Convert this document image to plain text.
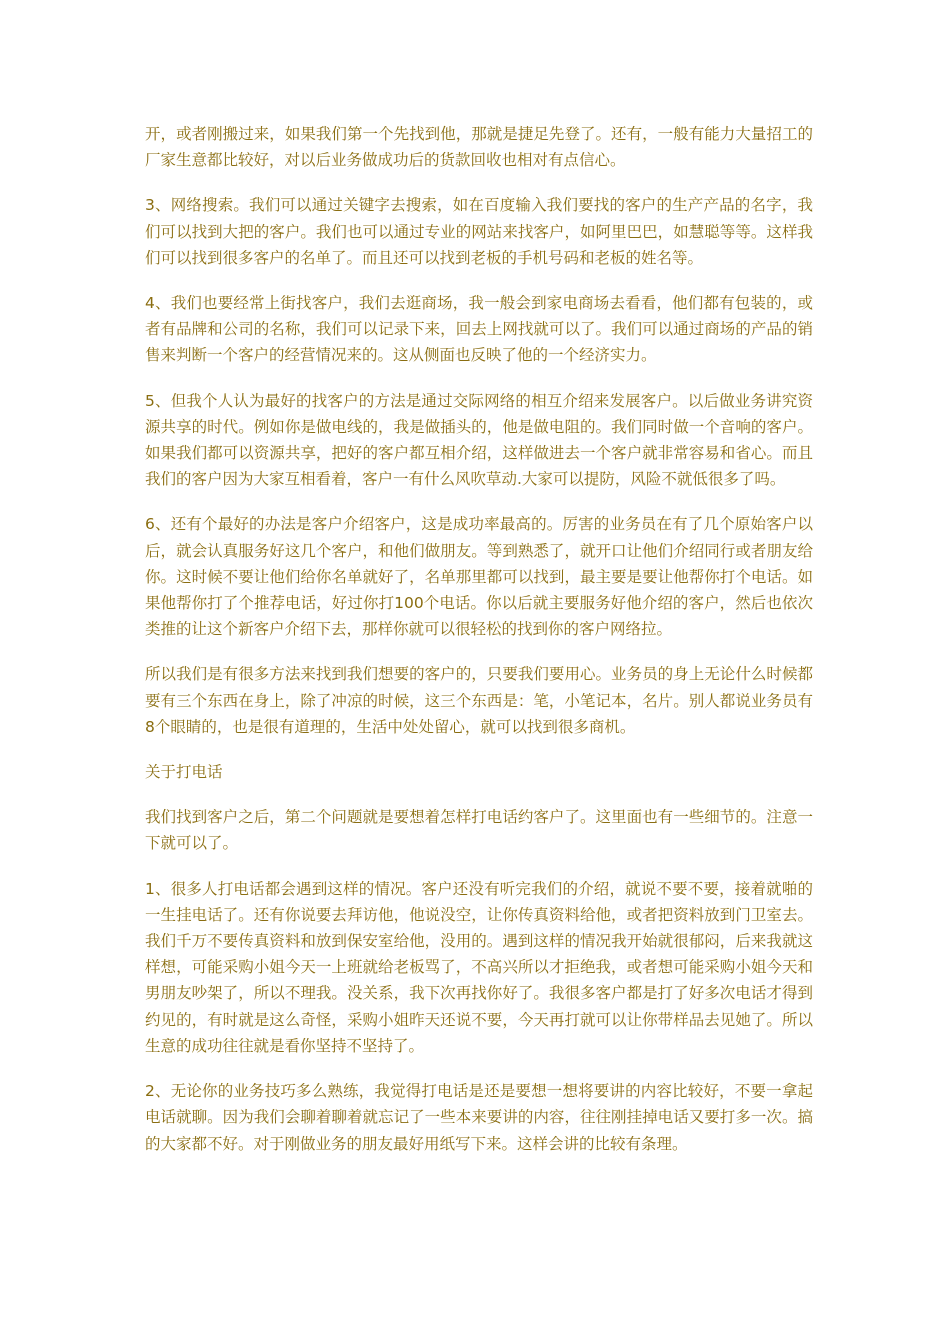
开，或者刚搬过来，如果我们第一个先找到他，那就是捷足先登了。还有，一般有能力大量招工的厂家生意都比较好，对以后业务做成功后的货款回收也相对有点信心。

3、网络搜索。我们可以通过关键字去搜索，如在百度输入我们要找的客户的生产产品的名字，我们可以找到大把的客户。我们也可以通过专业的网站来找客户，如阿里巴巴，如慧聪等等。这样我们可以找到很多客户的名单了。而且还可以找到老板的手机号码和老板的姓名等。

4、我们也要经常上街找客户，我们去逛商场，我一般会到家电商场去看看，他们都有包装的，或者有品牌和公司的名称，我们可以记录下来，回去上网找就可以了。我们可以通过商场的产品的销售来判断一个客户的经营情况来的。这从侧面也反映了他的一个经济实力。

5、但我个人认为最好的找客户的方法是通过交际网络的相互介绍来发展客户。以后做业务讲究资源共享的时代。例如你是做电线的，我是做插头的，他是做电阻的。我们同时做一个音响的客户。如果我们都可以资源共享，把好的客户都互相介绍，这样做进去一个客户就非常容易和省心。而且我们的客户因为大家互相看着，客户一有什么风吹草动.大家可以提防，风险不就低很多了吗。

6、还有个最好的办法是客户介绍客户，这是成功率最高的。厉害的业务员在有了几个原始客户以后，就会认真服务好这几个客户，和他们做朋友。等到熟悉了，就开口让他们介绍同行或者朋友给你。这时候不要让他们给你名单就好了，名单那里都可以找到，最主要是要让他帮你打个电话。如果他帮你打了个推荐电话，好过你打100个电话。你以后就主要服务好他介绍的客户，然后也依次类推的让这个新客户介绍下去，那样你就可以很轻松的找到你的客户网络拉。

所以我们是有很多方法来找到我们想要的客户的，只要我们要用心。业务员的身上无论什么时候都要有三个东西在身上，除了冲凉的时候，这三个东西是：笔，小笔记本，名片。别人都说业务员有8个眼睛的，也是很有道理的，生活中处处留心，就可以找到很多商机。

关于打电话

我们找到客户之后，第二个问题就是要想着怎样打电话约客户了。这里面也有一些细节的。注意一下就可以了。

1、很多人打电话都会遇到这样的情况。客户还没有听完我们的介绍，就说不要不要，接着就啪的一生挂电话了。还有你说要去拜访他，他说没空，让你传真资料给他，或者把资料放到门卫室去。我们千万不要传真资料和放到保安室给他，没用的。遇到这样的情况我开始就很郁闷，后来我就这样想，可能采购小姐今天一上班就给老板骂了，不高兴所以才拒绝我，或者想可能采购小姐今天和男朋友吵架了，所以不理我。没关系，我下次再找你好了。我很多客户都是打了好多次电话才得到约见的，有时就是这么奇怪，采购小姐昨天还说不要，今天再打就可以让你带样品去见她了。所以生意的成功往往就是看你坚持不坚持了。

2、无论你的业务技巧多么熟练，我觉得打电话是还是要想一想将要讲的内容比较好，不要一拿起电话就聊。因为我们会聊着聊着就忘记了一些本来要讲的内容，往往刚挂掉电话又要打多一次。搞的大家都不好。对于刚做业务的朋友最好用纸写下来。这样会讲的比较有条理。
